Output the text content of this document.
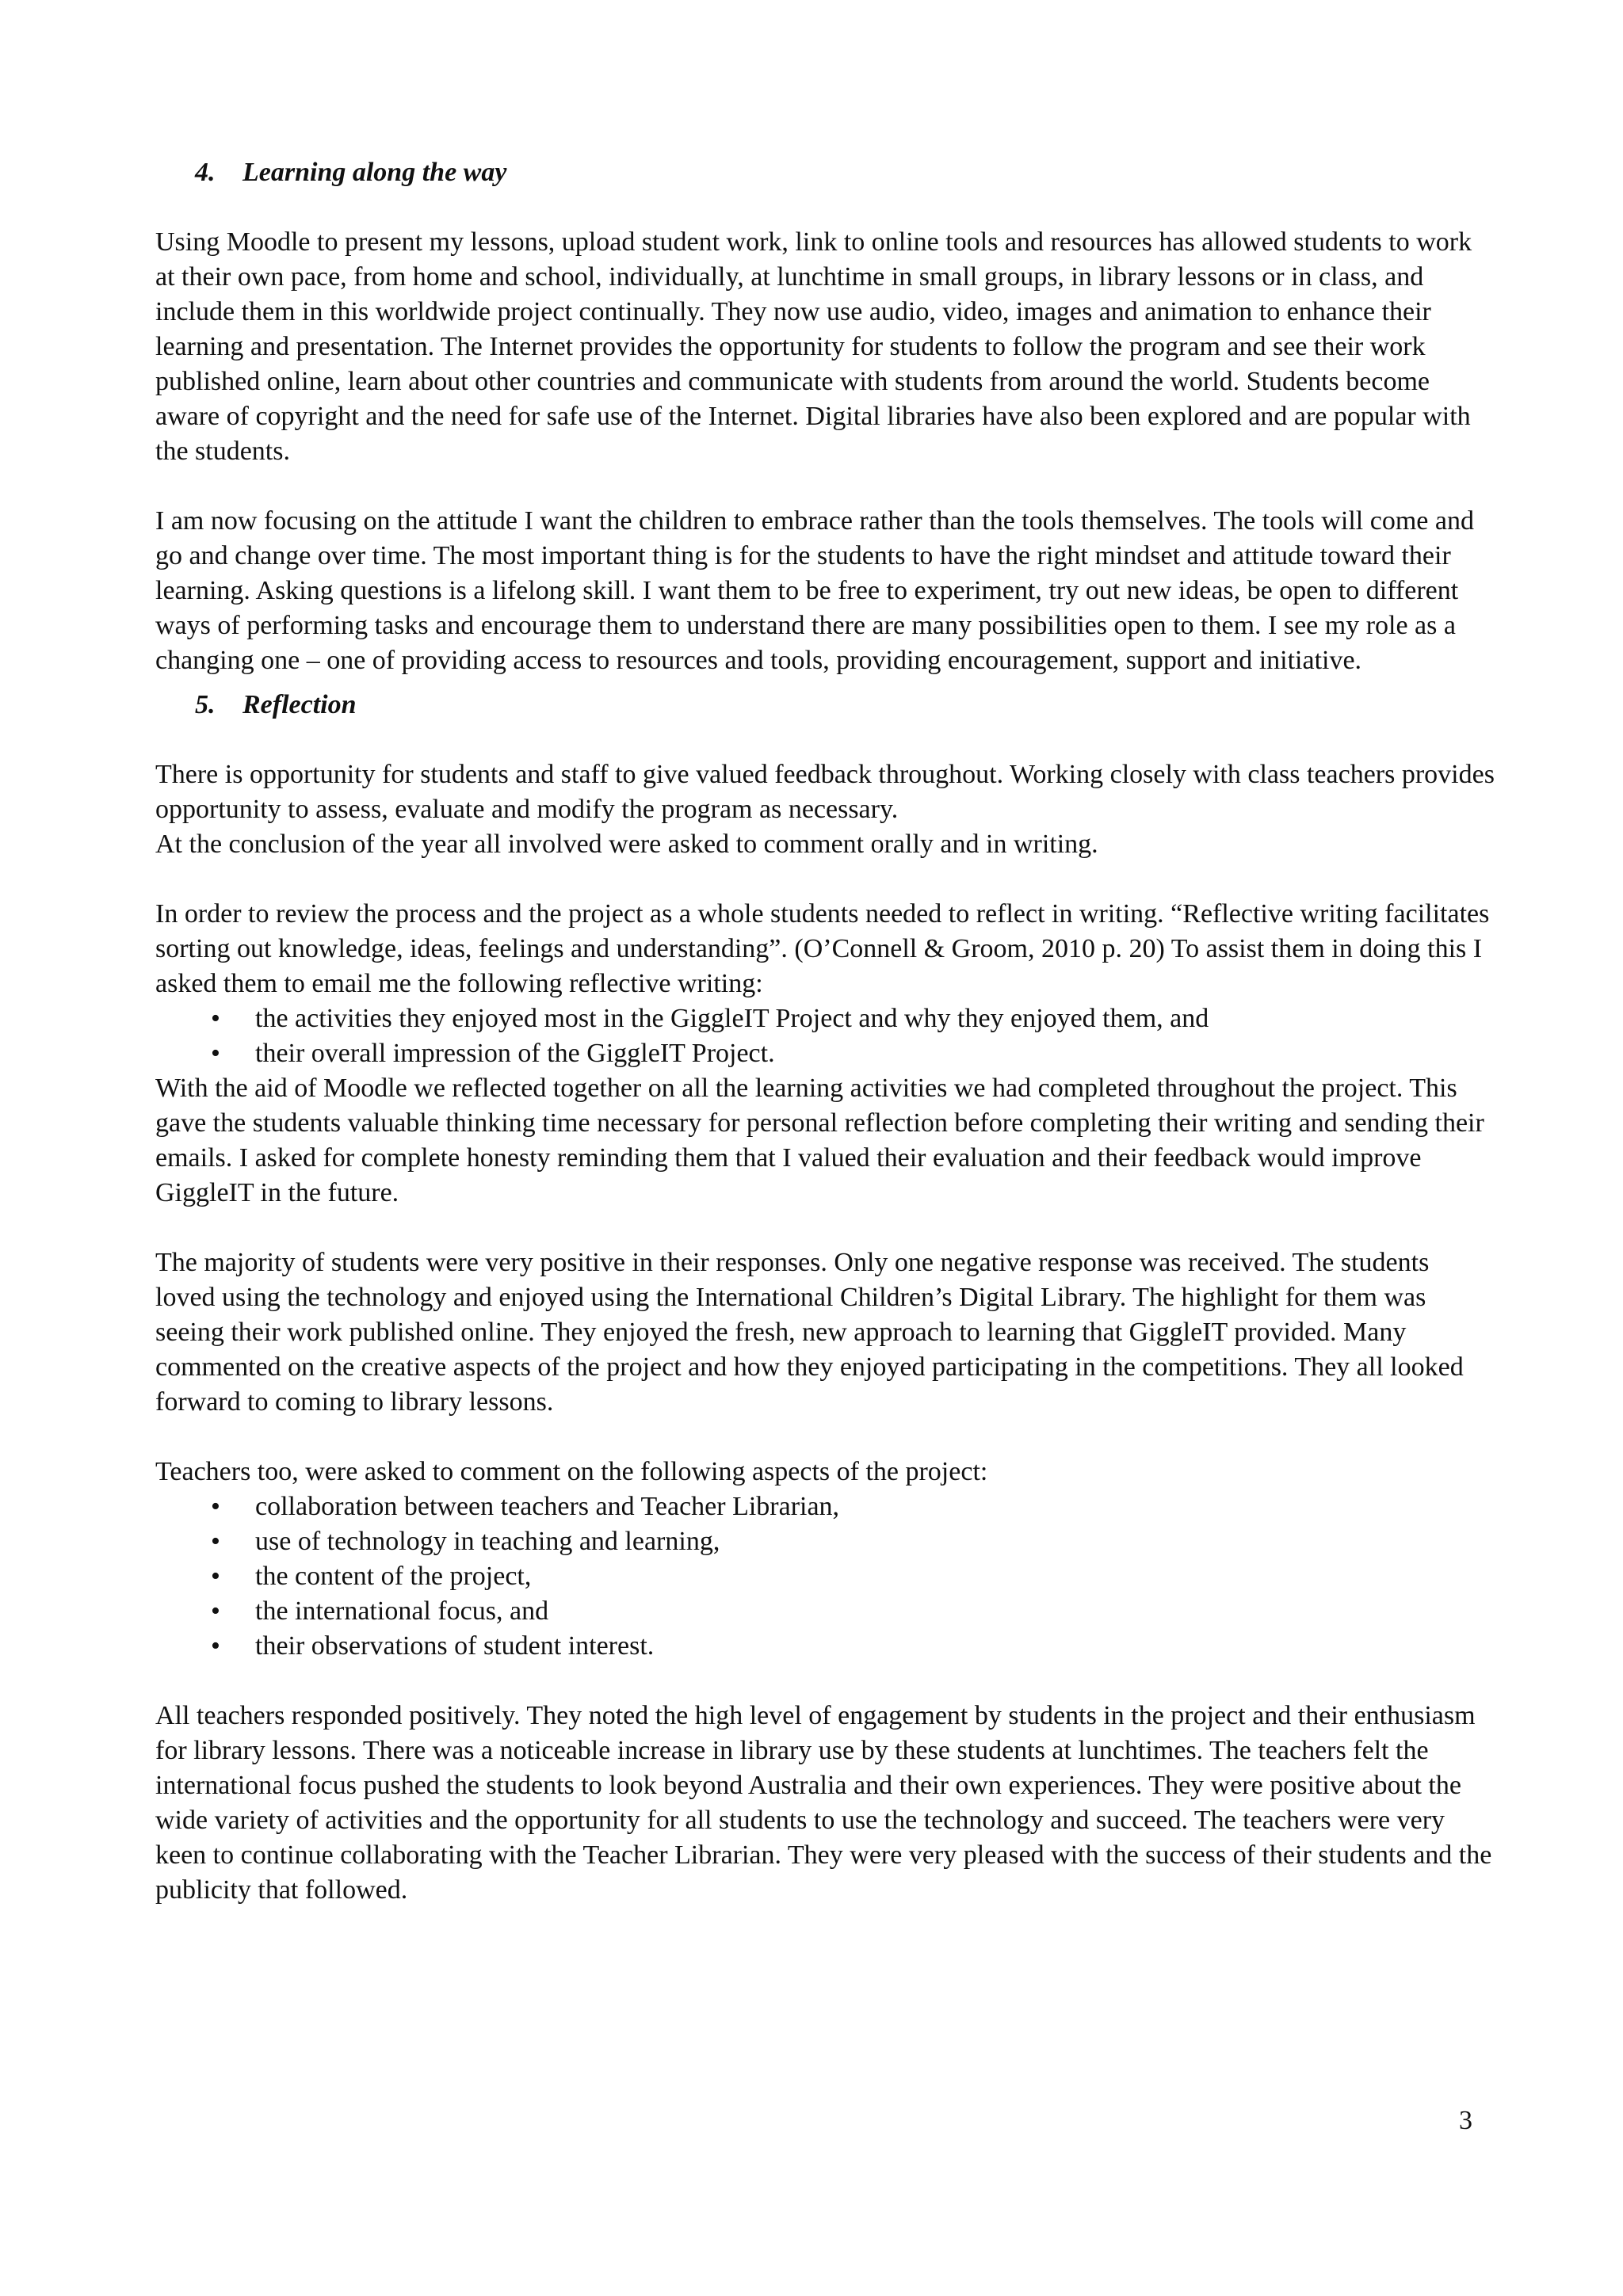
4. Learning along the way

Using Moodle to present my lessons, upload student work, link to online tools and resources has allowed students to work at their own pace, from home and school, individually, at lunchtime in small groups, in library lessons or in class, and include them in this worldwide project continually. They now use audio, video, images and animation to enhance their learning and presentation. The Internet provides the opportunity for students to follow the program and see their work published online, learn about other countries and communicate with students from around the world. Students become aware of copyright and the need for safe use of the Internet. Digital libraries have also been explored and are popular with the students.

I am now focusing on the attitude I want the children to embrace rather than the tools themselves. The tools will come and go and change over time. The most important thing is for the students to have the right mindset and attitude toward their learning. Asking questions is a lifelong skill. I want them to be free to experiment, try out new ideas, be open to different ways of performing tasks and encourage them to understand there are many possibilities open to them. I see my role as a changing one – one of providing access to resources and tools, providing encouragement, support and initiative.

5. Reflection

There is opportunity for students and staff to give valued feedback throughout. Working closely with class teachers provides opportunity to assess, evaluate and modify the program as necessary.

At the conclusion of the year all involved were asked to comment orally and in writing.

In order to review the process and the project as a whole students needed to reflect in writing. “Reflective writing facilitates sorting out knowledge, ideas, feelings and understanding”. (O’Connell & Groom, 2010 p. 20) To assist them in doing this I asked them to email me the following reflective writing:

• the activities they enjoyed most in the GiggleIT Project and why they enjoyed them, and
• their overall impression of the GiggleIT Project.

With the aid of Moodle we reflected together on all the learning activities we had completed throughout the project. This gave the students valuable thinking time necessary for personal reflection before completing their writing and sending their emails. I asked for complete honesty reminding them that I valued their evaluation and their feedback would improve GiggleIT in the future.

The majority of students were very positive in their responses. Only one negative response was received. The students loved using the technology and enjoyed using the International Children’s Digital Library. The highlight for them was seeing their work published online. They enjoyed the fresh, new approach to learning that GiggleIT provided. Many commented on the creative aspects of the project and how they enjoyed participating in the competitions. They all looked forward to coming to library lessons.

Teachers too, were asked to comment on the following aspects of the project:

• collaboration between teachers and Teacher Librarian,
• use of technology in teaching and learning,
• the content of the project,
• the international focus, and
• their observations of student interest.

All teachers responded positively. They noted the high level of engagement by students in the project and their enthusiasm for library lessons. There was a noticeable increase in library use by these students at lunchtimes. The teachers felt the international focus pushed the students to look beyond Australia and their own experiences. They were positive about the wide variety of activities and the opportunity for all students to use the technology and succeed. The teachers were very keen to continue collaborating with the Teacher Librarian. They were very pleased with the success of their students and the publicity that followed.

3
